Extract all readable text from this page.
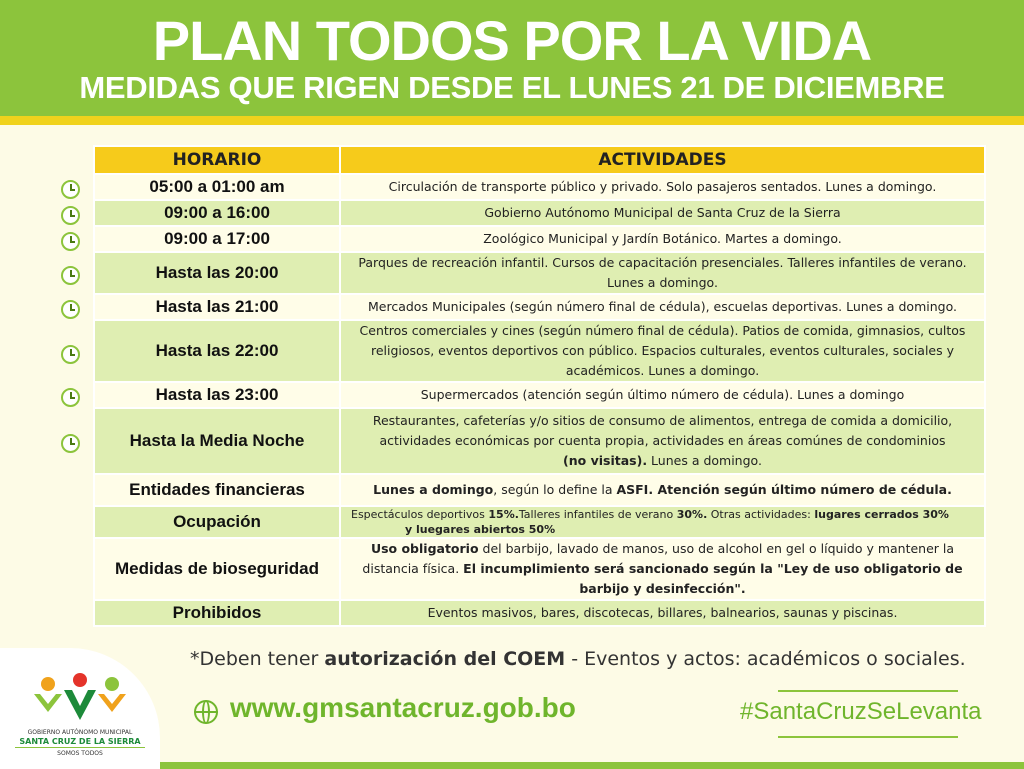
PLAN TODOS POR LA VIDA
MEDIDAS QUE RIGEN DESDE EL LUNES 21 DE DICIEMBRE
HORARIO	ACTIVIDADES
05:00 a 01:00 am	Circulación de transporte público y privado. Solo pasajeros sentados. Lunes a domingo.
09:00 a 16:00	Gobierno Autónomo Municipal de Santa Cruz de la Sierra
09:00 a 17:00	Zoológico Municipal y Jardín Botánico. Martes a domingo.
Hasta las 20:00	Parques de recreación infantil. Cursos de capacitación presenciales. Talleres infantiles de verano. Lunes a domingo.
Hasta las 21:00	Mercados Municipales (según número final de cédula), escuelas deportivas. Lunes a domingo.
Hasta las 22:00	Centros comerciales y cines (según número final de cédula). Patios de comida, gimnasios, cultos religiosos, eventos deportivos con público. Espacios culturales, eventos culturales, sociales y académicos. Lunes a domingo.
Hasta las 23:00	Supermercados (atención según último número de cédula). Lunes a domingo
Hasta la Media Noche	Restaurantes, cafeterías y/o sitios de consumo de alimentos, entrega de comida a domicilio, actividades económicas por cuenta propia, actividades en áreas comúnes de condominios
(no visitas). Lunes a domingo.
Entidades financieras	Lunes a domingo, según lo define la ASFI. Atención según último número de cédula.
Ocupación	Espectáculos deportivos 15%.Talleres infantiles de verano 30%. Otras actividades: lugares cerrados 30%
y luegares abiertos 50%
Medidas de bioseguridad	Uso obligatorio del barbijo, lavado de manos, uso de alcohol en gel o líquido y mantener la distancia física. El incumplimiento será sancionado según la "Ley de uso obligatorio de barbijo y desinfección".
Prohibidos	Eventos masivos, bares, discotecas, billares, balnearios, saunas y piscinas.
*Deben tener autorización del COEM - Eventos y actos: académicos o sociales.
www.gmsantacruz.gob.bo	#SantaCruzSeLevanta
GOBIERNO AUTÓNOMO MUNICIPAL
SANTA CRUZ DE LA SIERRA
SOMOS TODOS
